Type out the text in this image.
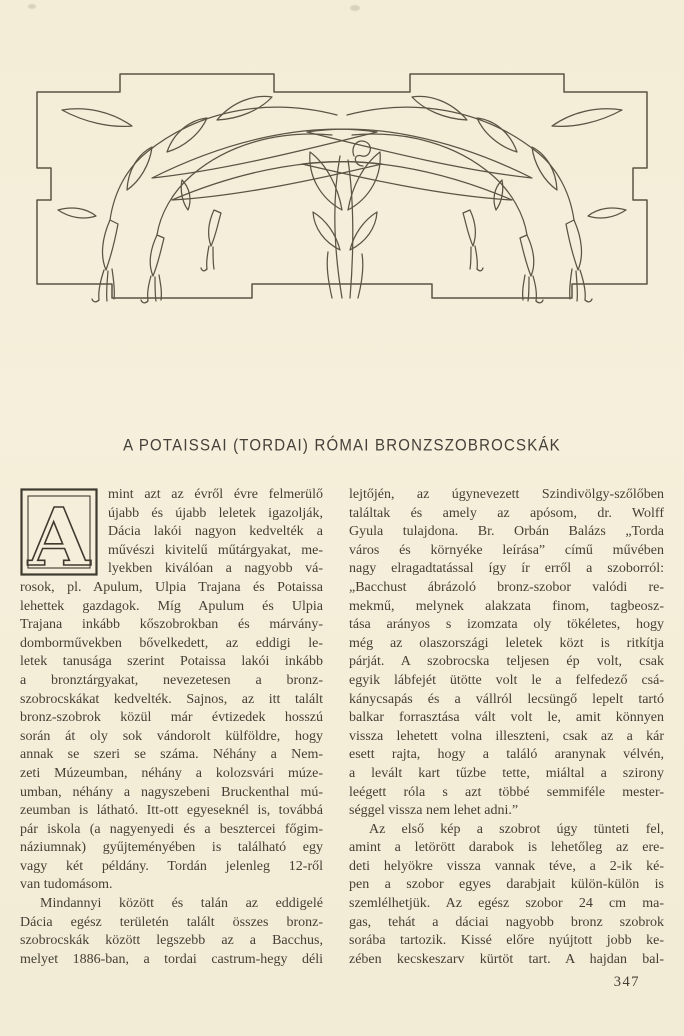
A POTAISSAI (TORDAI) RÓMAI BRONZSZOBROCSKÁK
A	mint azt az évről évre felmerülő
újabb és újabb leletek igazolják,
Dácia lakói nagyon kedvelték a
művészi kivitelű műtárgyakat, me-
lyekben kiválóan a nagyobb vá-
rosok, pl. Apulum, Ulpia Trajana és Potaissa
lehettek gazdagok. Míg Apulum és Ulpia
Trajana inkább kőszobrokban és márvány-
domborművekben bővelkedett, az eddigi le-
letek tanusága szerint Potaissa lakói inkább
a bronztárgyakat, nevezetesen a bronz-
szobrocskákat kedvelték. Sajnos, az itt talált
bronz-szobrok közül már évtizedek hosszú
során át oly sok vándorolt külföldre, hogy
annak se szeri se száma. Néhány a Nem-
zeti Múzeumban, néhány a kolozsvári múze-
umban, néhány a nagyszebeni Bruckenthal mú-
zeumban is látható. Itt-ott egyeseknél is, továbbá
pár iskola (a nagyenyedi és a besztercei főgim-
náziumnak) gyűjteményében is található egy
vagy két példány. Tordán jelenleg 12-ről
van tudomásom.
Mindannyi között és talán az eddigelé
Dácia egész területén talált összes bronz-
szobrocskák között legszebb az a Bacchus,
melyet 1886-ban, a tordai castrum-hegy déli
lejtőjén, az úgynevezett Szindivölgy-szőlőben
találtak és amely az apósom, dr. Wolff
Gyula tulajdona. Br. Orbán Balázs „Torda
város és környéke leírása” című művében
nagy elragadtatással így ír erről a szoborról:
„Bacchust ábrázoló bronz-szobor valódi re-
mekmű, melynek alakzata finom, tagbeosz-
tása arányos s izomzata oly tökéletes, hogy
még az olaszországi leletek közt is ritkítja
párját. A szobrocska teljesen ép volt, csak
egyik lábfejét ütötte volt le a felfedező csá-
kánycsapás és a vállról lecsüngő lepelt tartó
balkar forrasztása vált volt le, amit könnyen
vissza lehetett volna illeszteni, csak az a kár
esett rajta, hogy a találó aranynak vélvén,
a levált kart tűzbe tette, miáltal a szirony
leégett róla s azt többé semmiféle mester-
séggel vissza nem lehet adni.”
Az első kép a szobrot úgy tünteti fel,
amint a letörött darabok is lehetőleg az ere-
deti helyökre vissza vannak téve, a 2-ik ké-
pen a szobor egyes darabjait külön-külön is
szemlélhetjük. Az egész szobor 24 cm ma-
gas, tehát a dáciai nagyobb bronz szobrok
sorába tartozik. Kissé előre nyújtott jobb ke-
zében kecskeszarv kürtöt tart. A hajdan bal-
347
